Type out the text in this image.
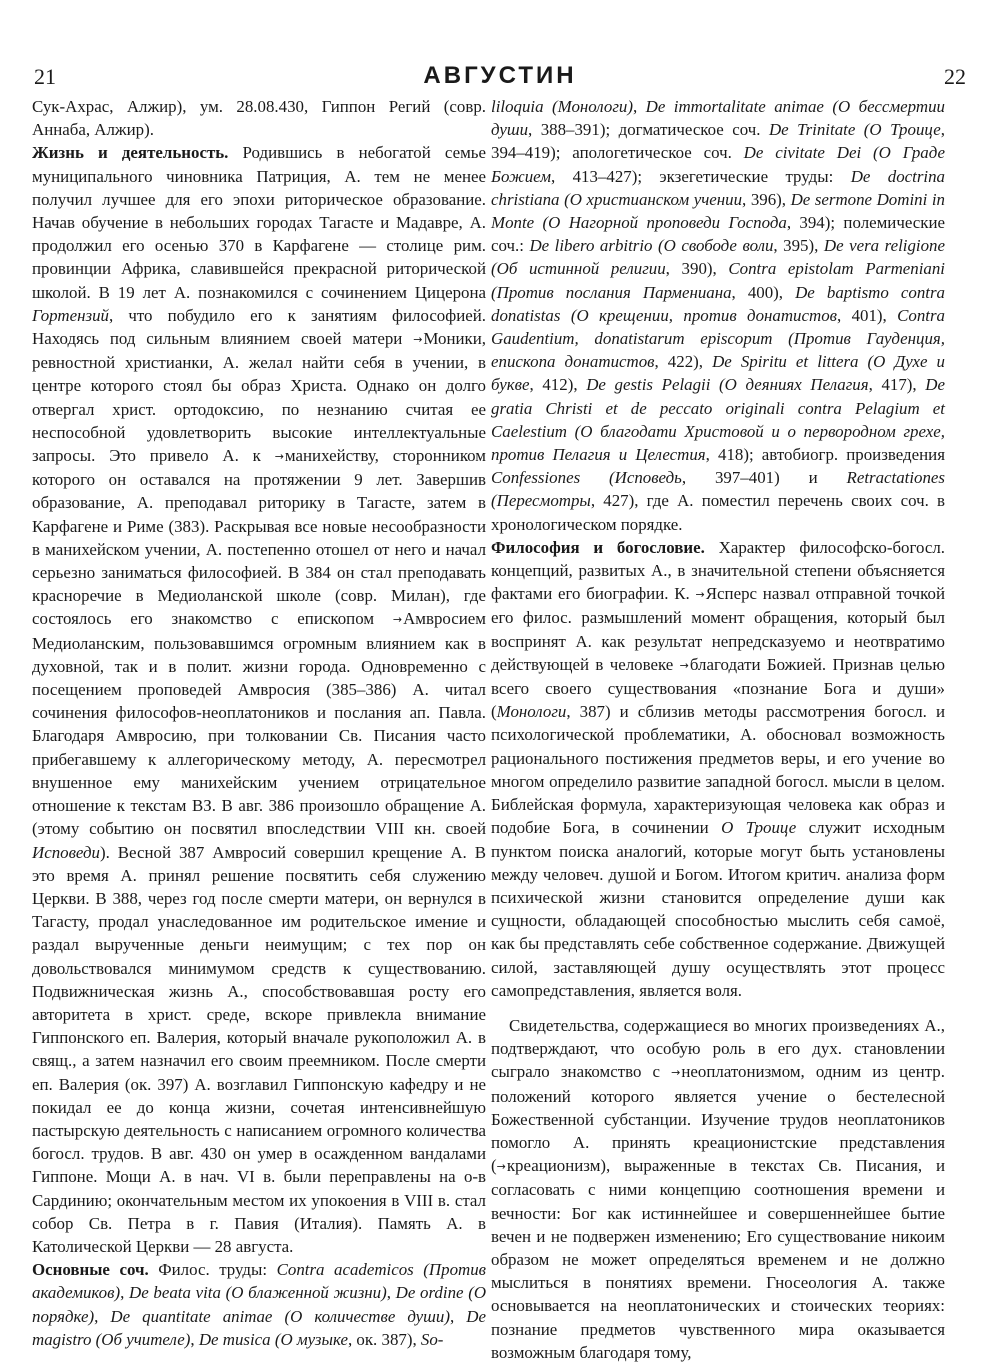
21	АВГУСТИН	22

Сук-Ахрас, Алжир), ум. 28.08.430, Гиппон Регий (совр. Аннаба, Алжир).

Жизнь и деятельность. Родившись в небогатой семье муниципального чиновника Патриция, А. тем не менее получил лучшее для его эпохи риторическое образование. Начав обучение в небольших городах Тагасте и Мадавре, А. продолжил его осенью 370 в Карфагене — столице рим. провинции Африка, славившейся прекрасной риторической школой. В 19 лет А. познакомился с сочинением Цицерона Гортензий, что побудило его к занятиям философией. Находясь под сильным влиянием своей матери →Моники, ревностной христианки, А. желал найти себя в учении, в центре которого стоял бы образ Христа. Однако он долго отвергал христ. ортодоксию, по незнанию считая ее неспособной удовлетворить высокие интеллектуальные запросы. Это привело А. к →манихейству, сторонником которого он оставался на протяжении 9 лет. Завершив образование, А. преподавал риторику в Тагасте, затем в Карфагене и Риме (383). Раскрывая все новые несообразности в манихейском учении, А. постепенно отошел от него и начал серьезно заниматься философией. В 384 он стал преподавать красноречие в Медиоланской школе (совр. Милан), где состоялось его знакомство с епископом →Амвросием Медиоланским, пользовавшимся огромным влиянием как в духовной, так и в полит. жизни города. Одновременно с посещением проповедей Амвросия (385–386) А. читал сочинения философов-неоплатоников и послания ап. Павла. Благодаря Амвросию, при толковании Св. Писания часто прибегавшему к аллегорическому методу, А. пересмотрел внушенное ему манихейским учением отрицательное отношение к текстам ВЗ. В авг. 386 произошло обращение А. (этому событию он посвятил впоследствии VIII кн. своей Исповеди). Весной 387 Амвросий совершил крещение А. В это время А. принял решение посвятить себя служению Церкви. В 388, через год после смерти матери, он вернулся в Тагасту, продал унаследованное им родительское имение и раздал вырученные деньги неимущим; с тех пор он довольствовался минимумом средств к существованию. Подвижническая жизнь А., способствовавшая росту его авторитета в христ. среде, вскоре привлекла внимание Гиппонского еп. Валерия, который вначале рукоположил А. в свящ., а затем назначил его своим преемником. После смерти еп. Валерия (ок. 397) А. возглавил Гиппонскую кафедру и не покидал ее до конца жизни, сочетая интенсивнейшую пастырскую деятельность с написанием огромного количества богосл. трудов. В авг. 430 он умер в осажденном вандалами Гиппоне. Мощи А. в нач. VI в. были переправлены на о-в Сардинию; окончательным местом их упокоения в VIII в. стал собор Св. Петра в г. Павия (Италия). Память А. в Католической Церкви — 28 августа.

Основные соч. Филос. труды: Contra academicos (Против академиков), De beata vita (О блаженной жизни), De ordine (О порядке), De quantitate animae (О количестве души), De magistro (Об учителе), De musica (О музыке, ок. 387), So-

liloquia (Монологи), De immortalitate animae (О бессмертии души, 388–391); догматическое соч. De Trinitate (О Троице, 394–419); апологетическое соч. De civitate Dei (О Граде Божием, 413–427); экзегетические труды: De doctrina christiana (О христианском учении, 396), De sermone Domini in Monte (О Нагорной проповеди Господа, 394); полемические соч.: De libero arbitrio (О свободе воли, 395), De vera religione (Об истинной религии, 390), Contra epistolam Parmeniani (Против послания Пармениана, 400), De baptismo contra donatistas (О крещении, против донатистов, 401), Contra Gaudentium, donatistarum episcopum (Против Гауденция, епископа донатистов, 422), De Spiritu et littera (О Духе и букве, 412), De gestis Pelagii (О деяниях Пелагия, 417), De gratia Christi et de peccato originali contra Pelagium et Caelestium (О благодати Христовой и о первородном грехе, против Пелагия и Целестия, 418); автобиогр. произведения Confessiones (Исповедь, 397–401) и Retractationes (Пересмотры, 427), где А. поместил перечень своих соч. в хронологическом порядке.

Философия и богословие. Характер философско-богосл. концепций, развитых А., в значительной степени объясняется фактами его биографии. К. →Ясперс назвал отправной точкой его филос. размышлений момент обращения, который был воспринят А. как результат непредсказуемо и неотвратимо действующей в человеке →благодати Божией. Признав целью всего своего существования «познание Бога и души» (Монологи, 387) и сблизив методы рассмотрения богосл. и психологической проблематики, А. обосновал возможность рационального постижения предметов веры, и его учение во многом определило развитие западной богосл. мысли в целом. Библейская формула, характеризующая человека как образ и подобие Бога, в сочинении О Троице служит исходным пунктом поиска аналогий, которые могут быть установлены между человеч. душой и Богом. Итогом критич. анализа форм психической жизни становится определение души как сущности, обладающей способностью мыслить себя самоё, как бы представлять себе собственное содержание. Движущей силой, заставляющей душу осуществлять этот процесс самопредставления, является воля.

Свидетельства, содержащиеся во многих произведениях А., подтверждают, что особую роль в его дух. становлении сыграло знакомство с →неоплатонизмом, одним из центр. положений которого является учение о бестелесной Божественной субстанции. Изучение трудов неоплатоников помогло А. принять креационистские представления (→креационизм), выраженные в текстах Св. Писания, и согласовать с ними концепцию соотношения времени и вечности: Бог как истиннейшее и совершеннейшее бытие вечен и не подвержен изменению; Его существование никоим образом не может определяться временем и не должно мыслиться в понятиях времени. Гносеология А. также основывается на неоплатонических и стоических теориях: познание предметов чувственного мира оказывается возможным благодаря тому,
